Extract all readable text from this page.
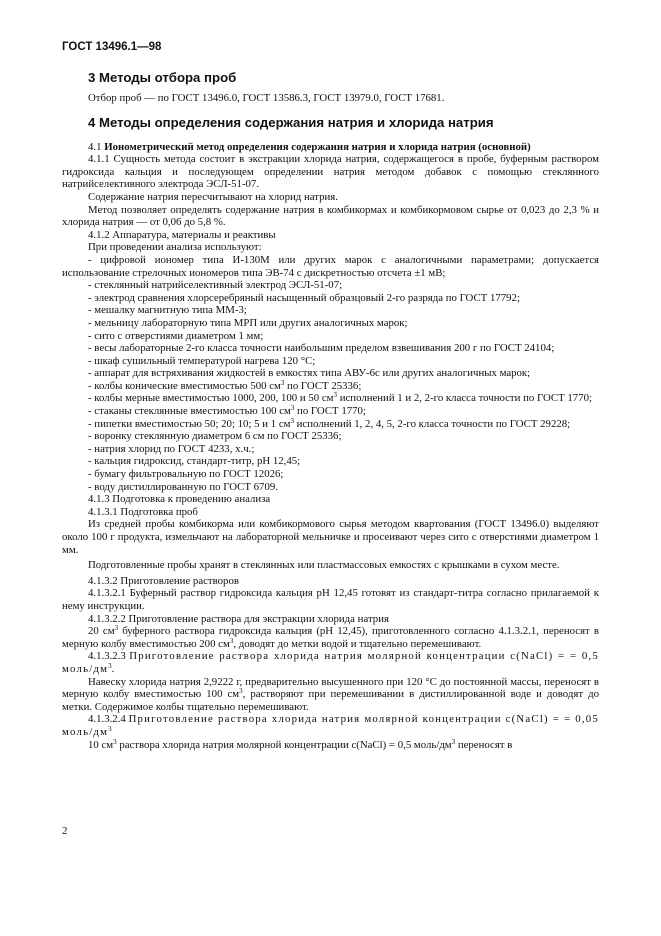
ГОСТ 13496.1—98
3 Методы отбора проб

Отбор проб — по ГОСТ 13496.0, ГОСТ 13586.3, ГОСТ 13979.0, ГОСТ 17681.

4 Методы определения содержания натрия и хлорида натрия

4.1 Ионометрический метод определения содержания натрия и хлорида натрия (основной)

4.1.1 Сущность метода состоит в экстракции хлорида натрия, содержащегося в пробе, буферным раствором гидроксида кальция и последующем определении натрия методом добавок с помощью стеклянного натрийселективного электрода ЭСЛ-51-07.

Содержание натрия пересчитывают на хлорид натрия.

Метод позволяет определять содержание натрия в комбикормах и комбикормовом сырье от 0,023 до 2,3 % и хлорида натрия — от 0,06 до 5,8 %.

4.1.2 Аппаратура, материалы и реактивы

При проведении анализа используют:

- цифровой иономер типа И-130М или других марок с аналогичными параметрами; допускается использование стрелочных иономеров типа ЭВ-74 с дискретностью отсчета ±1 мВ;

- стеклянный натрийселективный электрод ЭСЛ-51-07;

- электрод сравнения хлорсеребряный насыщенный образцовый 2-го разряда по ГОСТ 17792;

- мешалку магнитную типа ММ-3;

- мельницу лабораторную типа МРП или других аналогичных марок;

- сито с отверстиями диаметром 1 мм;

- весы лабораторные 2-го класса точности наибольшим пределом взвешивания 200 г по ГОСТ 24104;

- шкаф сушильный температурой нагрева 120 °С;

- аппарат для встряхивания жидкостей в емкостях типа АВУ-6с или других аналогичных марок;

- колбы конические вместимостью 500 $см^3$ по ГОСТ 25336;

- колбы мерные вместимостью 1000, 200, 100 и 50 $см^3$ исполнений 1 и 2, 2-го класса точности по ГОСТ 1770;

- стаканы стеклянные вместимостью 100 $см^3$ по ГОСТ 1770;

- пипетки вместимостью 50; 20; 10; 5 и 1 $см^3$ исполнений 1, 2, 4, 5, 2-го класса точности по ГОСТ 29228;

- воронку стеклянную диаметром 6 см по ГОСТ 25336;

- натрия хлорид по ГОСТ 4233, х.ч.;

- кальция гидроксид, стандарт-титр, pH 12,45;

- бумагу фильтровальную по ГОСТ 12026;

- воду дистиллированную по ГОСТ 6709.

4.1.3 Подготовка к проведению анализа

4.1.3.1 Подготовка проб

Из средней пробы комбикорма или комбикормового сырья методом квартования (ГОСТ 13496.0) выделяют около 100 г продукта, измельчают на лабораторной мельничке и просеивают через сито с отверстиями диаметром 1 мм.

Подготовленные пробы хранят в стеклянных или пластмассовых емкостях с крышками в сухом месте.

4.1.3.2 Приготовление растворов

4.1.3.2.1 Буферный раствор гидроксида кальция pH 12,45 готовят из стандарт-титра согласно прилагаемой к нему инструкции.

4.1.3.2.2 Приготовление раствора для экстракции хлорида натрия

20 $см^3$ буферного раствора гидроксида кальция (pH 12,45), приготовленного согласно 4.1.3.2.1, переносят в мерную колбу вместимостью 200 $см^3$, доводят до метки водой и тщательно перемешивают.

4.1.3.2.3 Приготовление раствора хлорида натрия молярной концентрации c(NaCl) = = 0,5 моль/$дм^3$.

Навеску хлорида натрия 2,9222 г, предварительно высушенного при 120 °С до постоянной массы, переносят в мерную колбу вместимостью 100 $см^3$, растворяют при перемешивании в дистиллированной воде и доводят до метки. Содержимое колбы тщательно перемешивают.

4.1.3.2.4 Приготовление раствора хлорида натрия молярной концентрации c(NaCl) = = 0,05 моль/$дм^3$

10 $см^3$ раствора хлорида натрия молярной концентрации c(NaCl) = 0,5 моль/$дм^3$ переносят в

2
